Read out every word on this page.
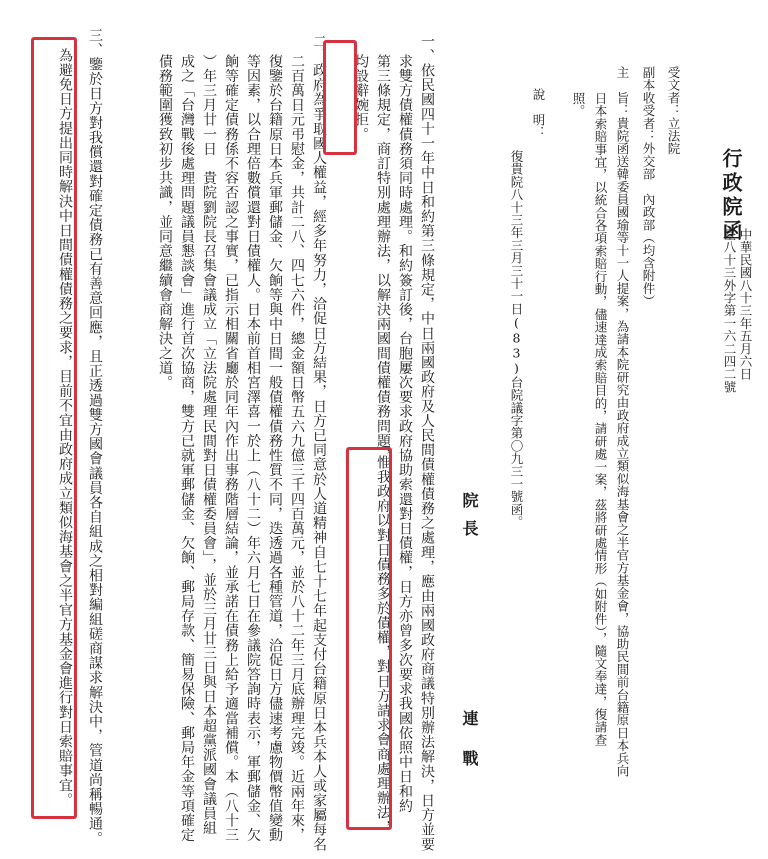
行政院函
中華民國八十三年五月六日
臺八十三外字第一六二四二號
受文者：立法院
副本收受者：外交部　內政部（均含附件）
主　旨：貴院函送韓委員國瑜等十一人提案，為請本院研究由政府成立類似海基會之半官方基金會，協助民間前台籍原日本兵向
日本索賠事宜，以統合各項索賠行動，儘速達成索賠目的，請研處一案，茲將研處情形（如附件），隨文奉達，復請查
照。
說　明：
復貴院八十三年三月三十一日(83)台院議字第〇九三一號函。
院長
連　戰
一、依民國四十一年中日和約第三條規定，中日兩國政府及人民間債權債務之處理，應由兩國政府商議特別辦法解決，日方並要
求雙方債權債務須同時處理。和約簽訂後，台胞屢次要求政府協助索還對日債權，日方亦曾多次要求我國依照中日和約
第三條規定，商訂特別處理辦法，以解決兩國間債權債務問題，
惟我政府以對日債務多於債權，對日方請求會商處理辦法，
均設辭婉拒。
二、政府為爭取國人權益，經多年努力，洽促日方結果，日方已同意於人道精神自七十七年起支付台籍原日本兵本人或家屬每名
二百萬日元弔慰金，共計二八、四七六件，總金額日幣五六九億三千四百萬元，並於八十二年三月底辦理完竣。近兩年來，
復鑒於台籍原日本兵軍郵儲金、欠餉等與中日間一般債權債務性質不同，迭透過各種管道，洽促日方儘速考慮物價幣值變動
等因素，以合理倍數償還對日債權人。日本前首相宮澤喜一於上（八十二）年六月七日在參議院答詢時表示，軍郵儲金、欠
餉等確定債務係不容否認之事實，已指示相關省廳於同年內作出事務階層結論，並承諾在債務上給予適當補償。本（八十三
）年三月廿一日　貴院劉院長召集會議成立「立法院處理民間對日債權委員會」，並於三月廿三日與日本超黨派國會議員組
成之「台灣戰後處理問題議員懇談會」進行首次協商，雙方已就軍郵儲金、欠餉、郵局存款、簡易保險、郵局年金等項確定
債務範圍獲致初步共識，並同意繼續會商解決之道。
三、鑒於日方對我償還對確定債務已有善意回應，且正透過雙方國會議員各自組成之相對編組磋商謀求解決中，管道尚稱暢通。
為避免日方提出同時解決中日間債權債務之要求，目前不宜由政府成立類似海基會之半官方基金會進行對日索賠事宜。
